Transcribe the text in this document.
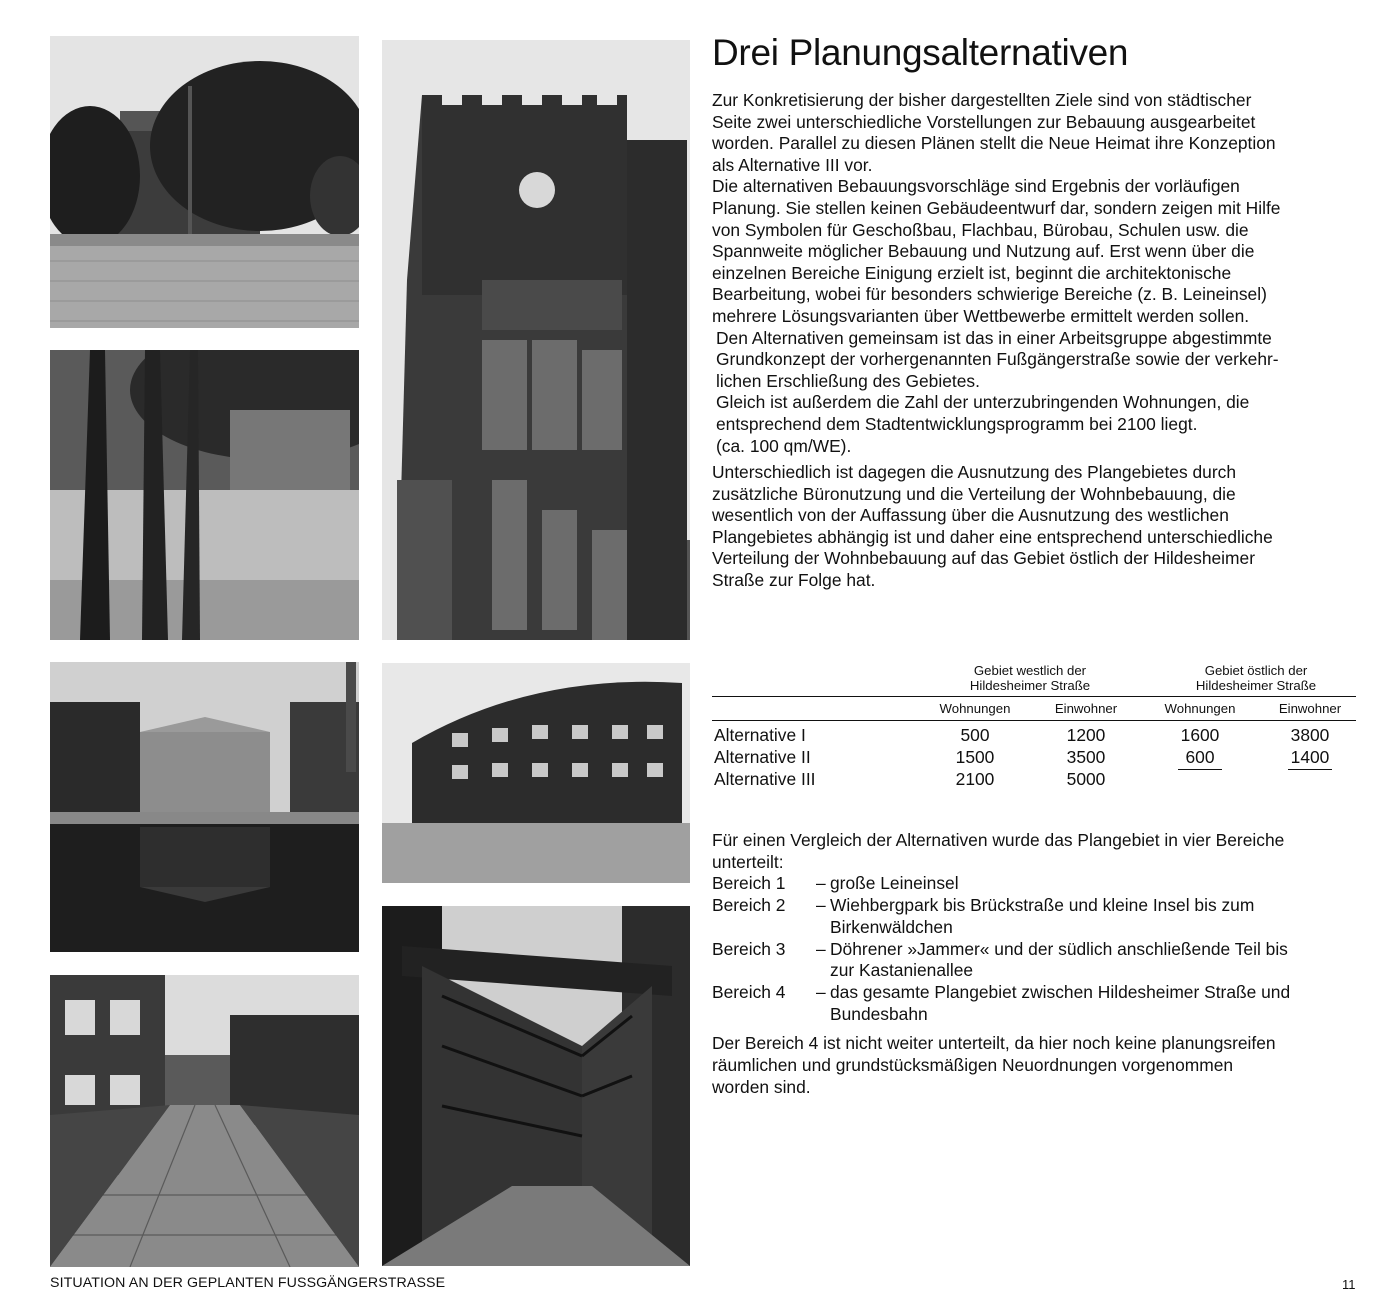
Drei Planungsalternativen

Zur Konkretisierung der bisher dargestellten Ziele sind von städtischer
Seite zwei unterschiedliche Vorstellungen zur Bebauung ausgearbeitet
worden. Parallel zu diesen Plänen stellt die Neue Heimat ihre Konzeption
als Alternative III vor.

Die alternativen Bebauungsvorschläge sind Ergebnis der vorläufigen
Planung. Sie stellen keinen Gebäudeentwurf dar, sondern zeigen mit Hilfe
von Symbolen für Geschoßbau, Flachbau, Bürobau, Schulen usw. die
Spannweite möglicher Bebauung und Nutzung auf. Erst wenn über die
einzelnen Bereiche Einigung erzielt ist, beginnt die architektonische
Bearbeitung, wobei für besonders schwierige Bereiche (z. B. Leineinsel)
mehrere Lösungsvarianten über Wettbewerbe ermittelt werden sollen.

Den Alternativen gemeinsam ist das in einer Arbeitsgruppe abgestimmte
Grundkonzept der vorhergenannten Fußgängerstraße sowie der verkehr-
lichen Erschließung des Gebietes.

Gleich ist außerdem die Zahl der unterzubringenden Wohnungen, die
entsprechend dem Stadtentwicklungsprogramm bei 2100 liegt.
(ca. 100 qm/WE).

Unterschiedlich ist dagegen die Ausnutzung des Plangebietes durch
zusätzliche Büronutzung und die Verteilung der Wohnbebauung, die
wesentlich von der Auffassung über die Ausnutzung des westlichen
Plangebietes abhängig ist und daher eine entsprechend unterschiedliche
Verteilung der Wohnbebauung auf das Gebiet östlich der Hildesheimer
Straße zur Folge hat.

Gebiet westlich der
Hildesheimer Straße
Gebiet östlich der
Hildesheimer Straße
Wohnungen	Einwohner	Wohnungen	Einwohner
Alternative I	500	1200	1600	3800
Alternative II	1500	3500	600	1400
Alternative III	2100	5000

Für einen Vergleich der Alternativen wurde das Plangebiet in vier Bereiche
unterteilt:

Bereich 1	– große Leineinsel
Bereich 2	– Wiehbergpark bis Brückstraße und kleine Insel bis zum
Birkenwäldchen
Bereich 3	– Döhrener »Jammer« und der südlich anschließende Teil bis
zur Kastanienallee
Bereich 4	– das gesamte Plangebiet zwischen Hildesheimer Straße und
Bundesbahn

Der Bereich 4 ist nicht weiter unterteilt, da hier noch keine planungsreifen
räumlichen und grundstücksmäßigen Neuordnungen vorgenommen
worden sind.

SITUATION AN DER GEPLANTEN FUSSGÄNGERSTRASSE	11
